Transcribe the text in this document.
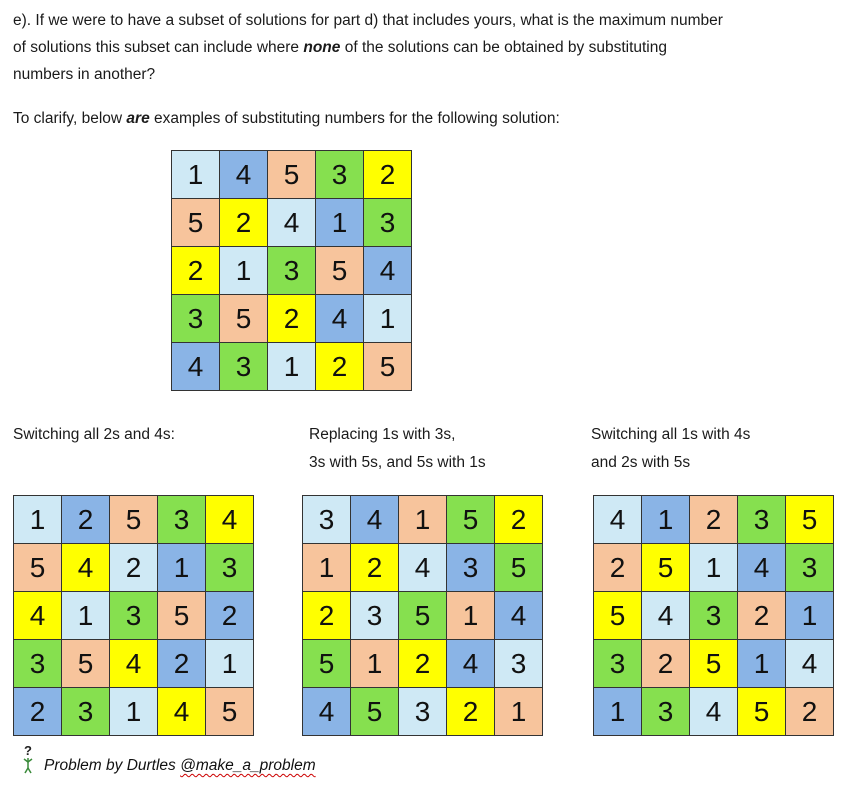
e). If we were to have a subset of solutions for part d) that includes yours, what is the maximum number
of solutions this subset can include where none of the solutions can be obtained by substituting
numbers in another?
To clarify, below are examples of substituting numbers for the following solution:
1	4	5	3	2
5	2	4	1	3
2	1	3	5	4
3	5	2	4	1
4	3	1	2	5
Switching all 2s and 4s:	Replacing 1s with 3s,
3s with 5s, and 5s with 1s
Switching all 1s with 4s
and 2s with 5s
1	2	5	3	4
5	4	2	1	3
4	1	3	5	2
3	5	4	2	1
2	3	1	4	5
3	4	1	5	2
1	2	4	3	5
2	3	5	1	4
5	1	2	4	3
4	5	3	2	1
4	1	2	3	5
2	5	1	4	3
5	4	3	2	1
3	2	5	1	4
1	3	4	5	2
?
Problem by Durtles @make_a_problem
